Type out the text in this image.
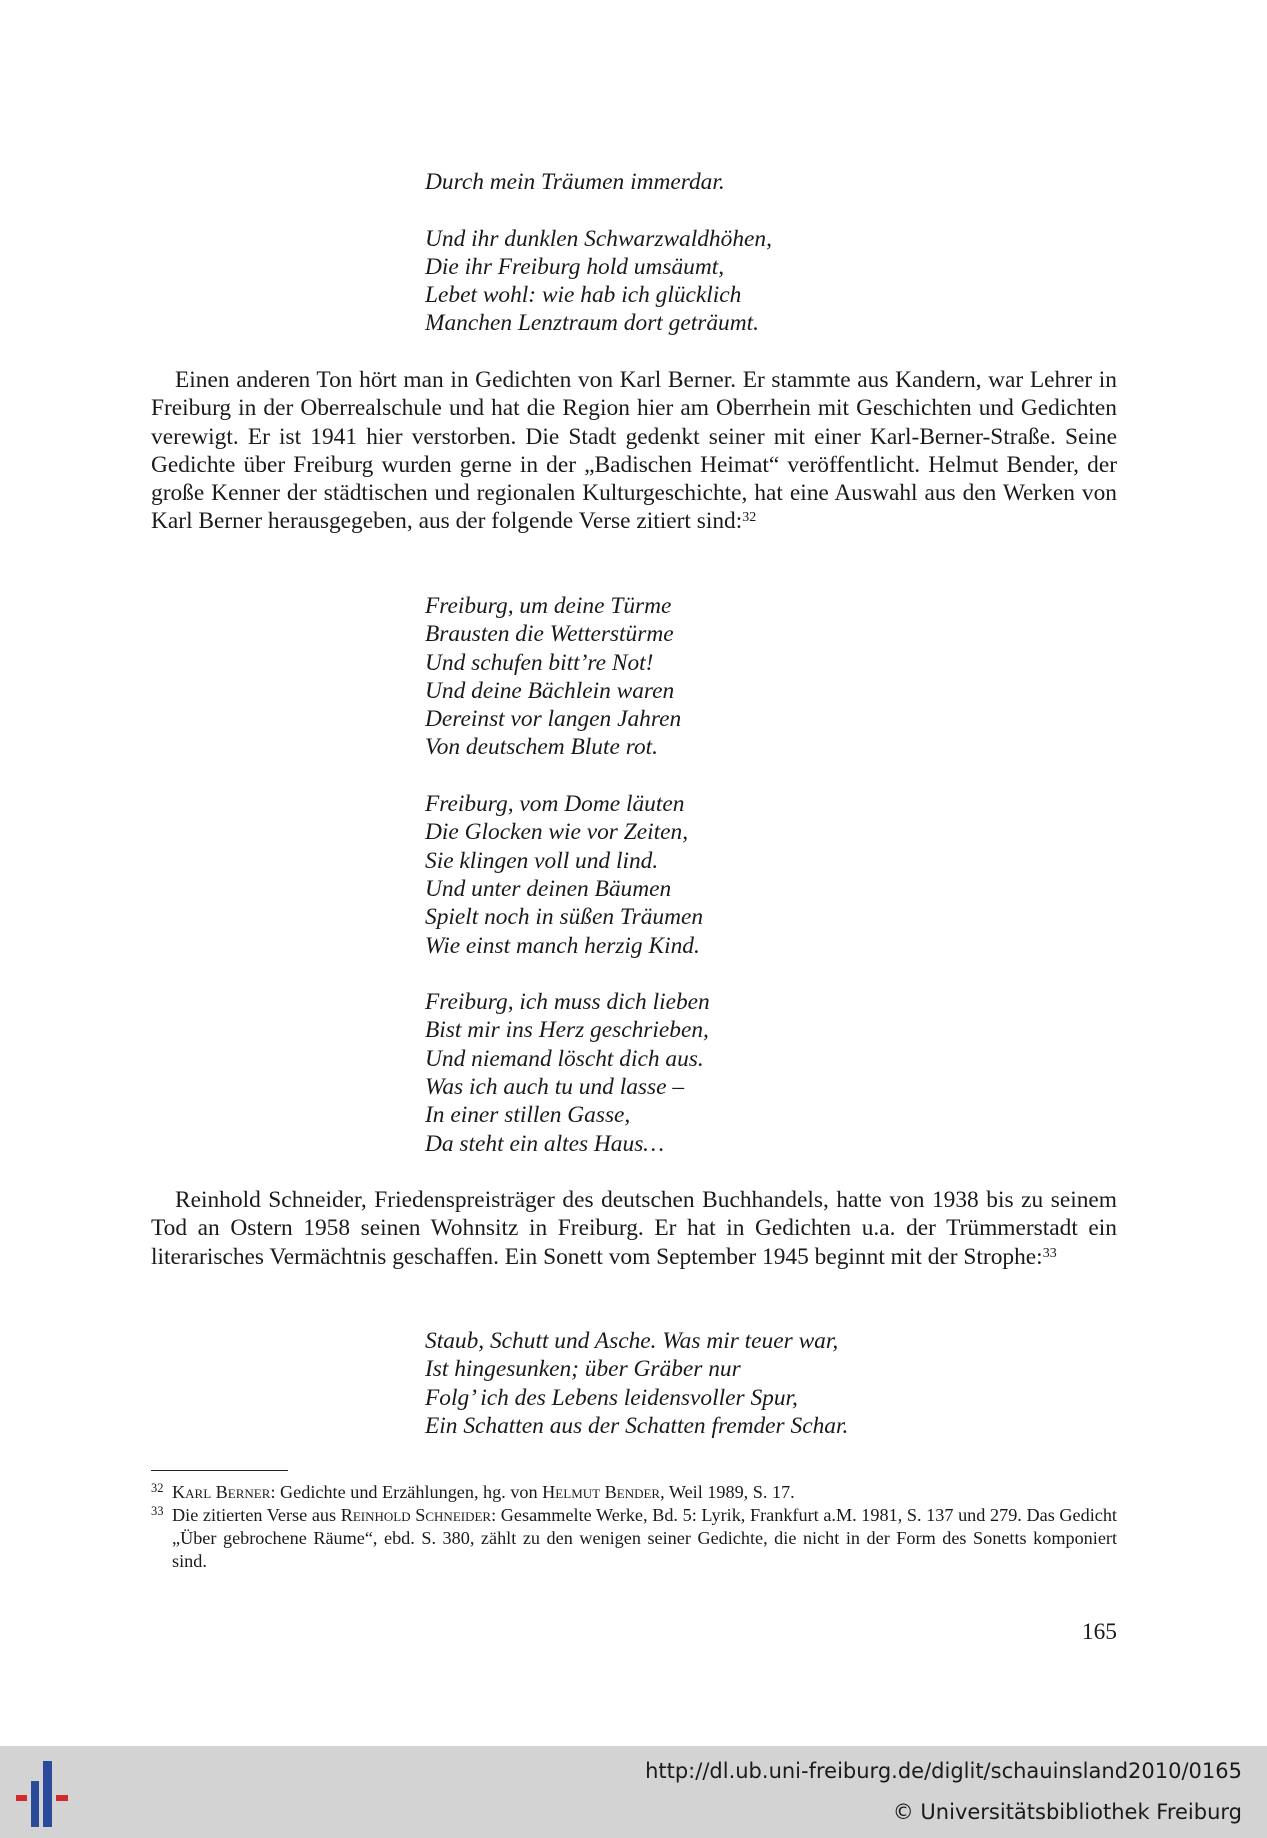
Durch mein Träumen immerdar.
Und ihr dunklen Schwarzwaldhöhen,
Die ihr Freiburg hold umsäumt,
Lebet wohl: wie hab ich glücklich
Manchen Lenztraum dort geträumt.

Einen anderen Ton hört man in Gedichten von Karl Berner. Er stammte aus Kandern, war Lehrer in Freiburg in der Oberrealschule und hat die Region hier am Oberrhein mit Geschichten und Gedichten verewigt. Er ist 1941 hier verstorben. Die Stadt gedenkt seiner mit einer Karl-Berner-Straße. Seine Gedichte über Freiburg wurden gerne in der „Badischen Heimat“ veröffentlicht. Helmut Bender, der große Kenner der städtischen und regionalen Kulturgeschichte, hat eine Auswahl aus den Werken von Karl Berner herausgegeben, aus der folgende Verse zitiert sind:$^{32}$

Freiburg, um deine Türme
Brausten die Wetterstürme
Und schufen bitt’re Not!
Und deine Bächlein waren
Dereinst vor langen Jahren
Von deutschem Blute rot.
Freiburg, vom Dome läuten
Die Glocken wie vor Zeiten,
Sie klingen voll und lind.
Und unter deinen Bäumen
Spielt noch in süßen Träumen
Wie einst manch herzig Kind.
Freiburg, ich muss dich lieben
Bist mir ins Herz geschrieben,
Und niemand löscht dich aus.
Was ich auch tu und lasse –
In einer stillen Gasse,
Da steht ein altes Haus…

Reinhold Schneider, Friedenspreisträger des deutschen Buchhandels, hatte von 1938 bis zu seinem Tod an Ostern 1958 seinen Wohnsitz in Freiburg. Er hat in Gedichten u.a. der Trümmerstadt ein literarisches Vermächtnis geschaffen. Ein Sonett vom September 1945 beginnt mit der Strophe:$^{33}$

Staub, Schutt und Asche. Was mir teuer war,
Ist hingesunken; über Gräber nur
Folg’ ich des Lebens leidensvoller Spur,
Ein Schatten aus der Schatten fremder Schar.

32 Karl Berner: Gedichte und Erzählungen, hg. von Helmut Bender, Weil 1989, S. 17.

33 Die zitierten Verse aus Reinhold Schneider: Gesammelte Werke, Bd. 5: Lyrik, Frankfurt a.M. 1981, S. 137 und 279. Das Gedicht „Über gebrochene Räume“, ebd. S. 380, zählt zu den wenigen seiner Gedichte, die nicht in der Form des Sonetts komponiert sind.

165
http://dl.ub.uni-freiburg.de/diglit/schauinsland2010/0165
© Universitätsbibliothek Freiburg
